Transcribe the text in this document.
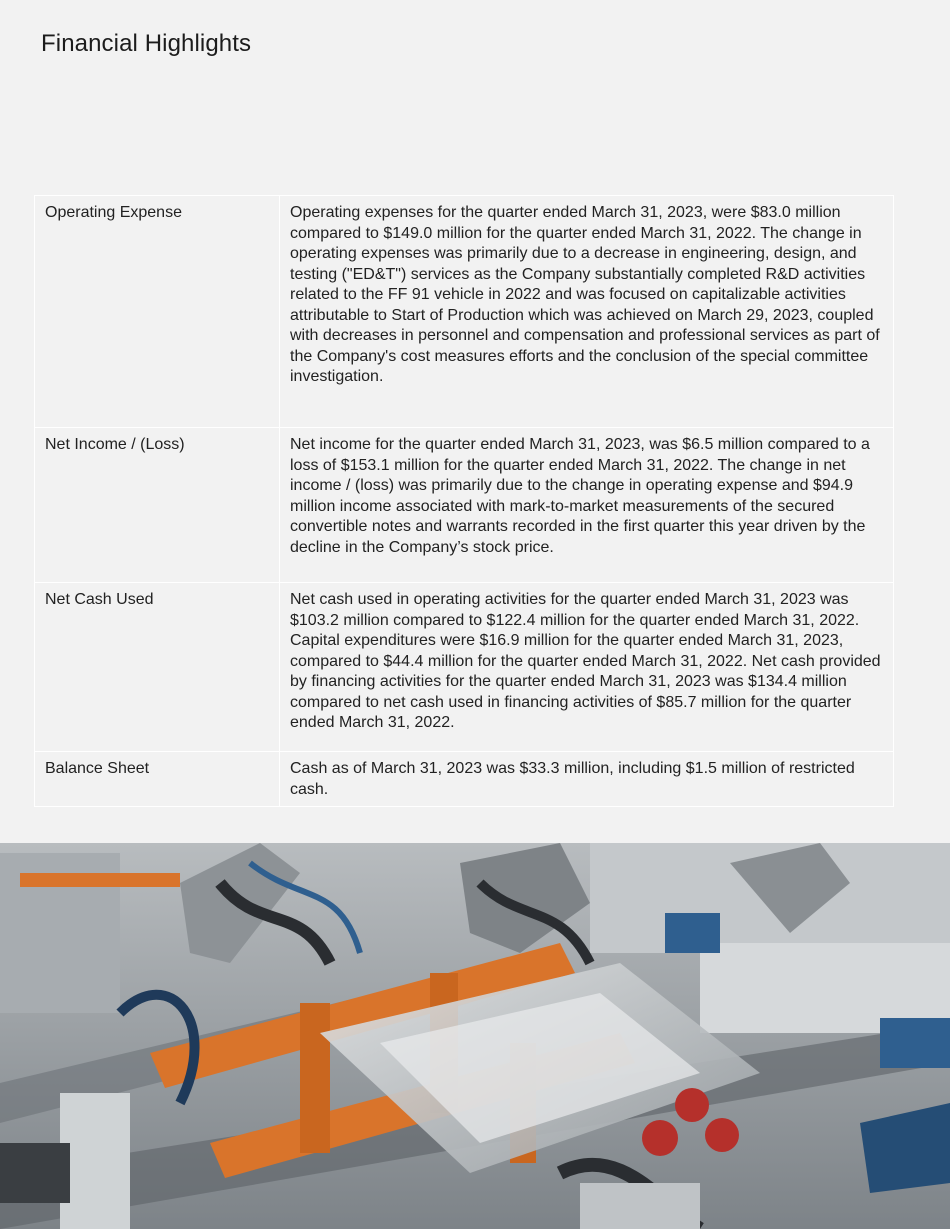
Financial Highlights
Operating Expense	Operating expenses for the quarter ended March 31, 2023, were $83.0 million compared to $149.0 million for the quarter ended March 31, 2022. The change in operating expenses was primarily due to a decrease in engineering, design, and testing ("ED&T") services as the Company substantially completed R&D activities related to the FF 91 vehicle in 2022 and was focused on capitalizable activities attributable to Start of Production which was achieved on March 29, 2023, coupled with decreases in personnel and compensation and professional services as part of the Company's cost measures efforts and the conclusion of the special committee investigation.
Net Income / (Loss)	Net income for the quarter ended March 31, 2023, was $6.5 million compared to a loss of $153.1 million for the quarter ended March 31, 2022. The change in net income / (loss) was primarily due to the change in operating expense and $94.9 million income associated with mark-to-market measurements of the secured convertible notes and warrants recorded in the first quarter this year driven by the decline in the Company’s stock price.
Net Cash Used	Net cash used in operating activities for the quarter ended March 31, 2023 was $103.2 million compared to $122.4 million for the quarter ended March 31, 2022. Capital expenditures were $16.9 million for the quarter ended March 31, 2023, compared to $44.4 million for the quarter ended March 31, 2022. Net cash provided by financing activities for the quarter ended March 31, 2023 was $134.4 million compared to net cash used in financing activities of $85.7 million for the quarter ended March 31, 2022.
Balance Sheet	Cash as of March 31, 2023 was $33.3 million, including $1.5 million of restricted cash.
